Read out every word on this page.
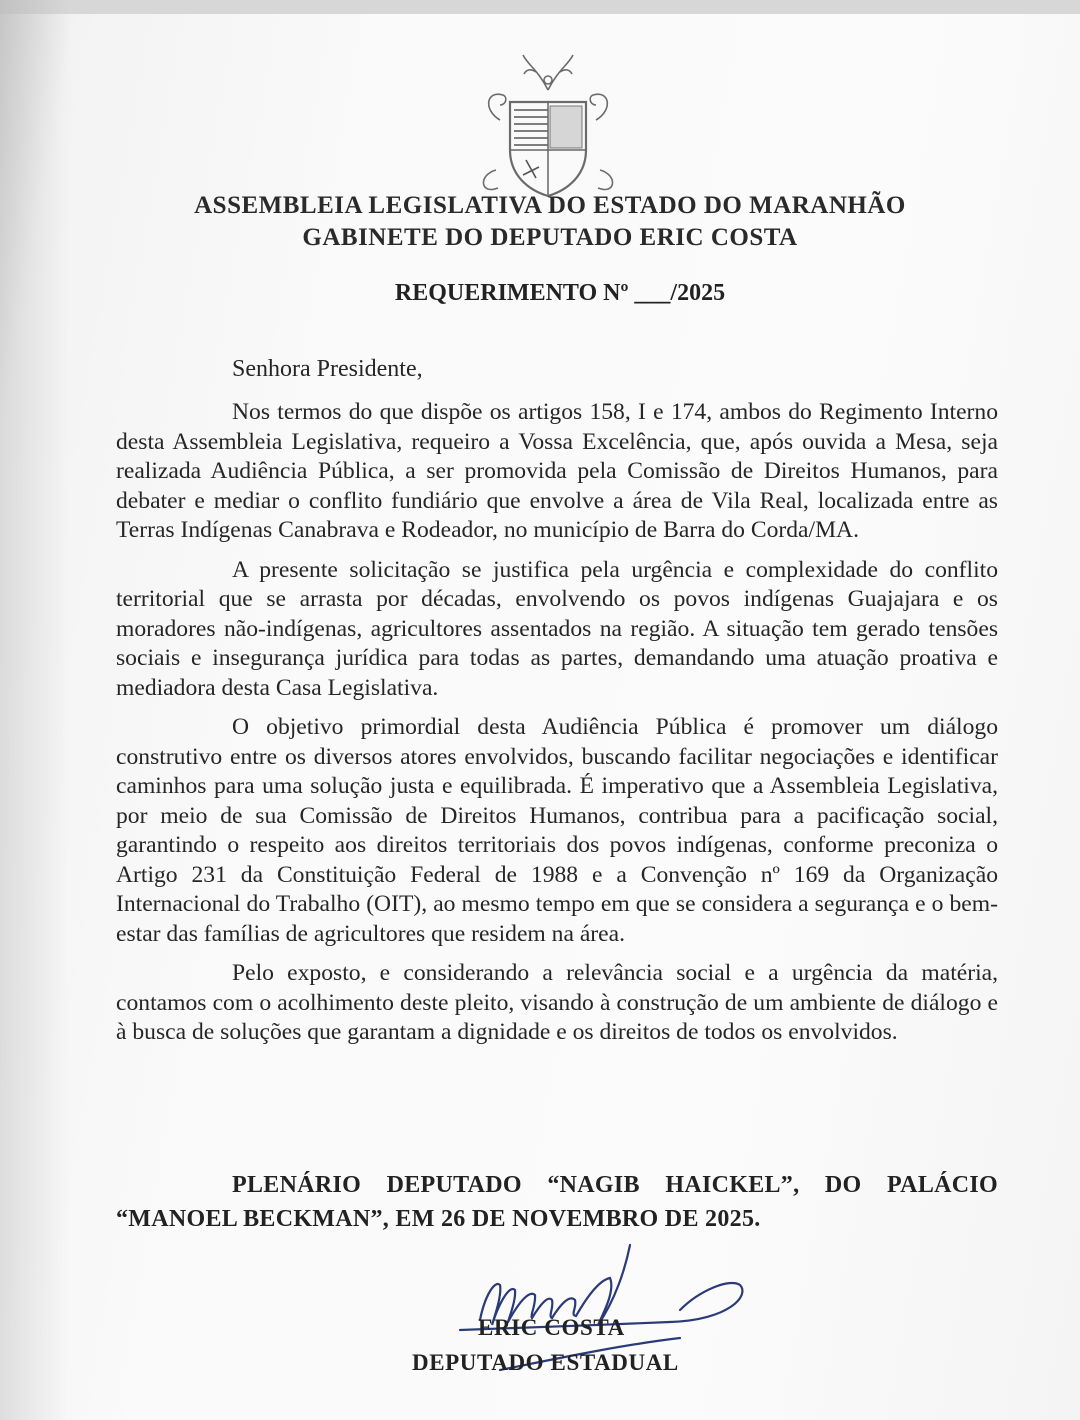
ASSEMBLEIA LEGISLATIVA DO ESTADO DO MARANHÃO
GABINETE DO DEPUTADO ERIC COSTA
REQUERIMENTO Nº ___/2025
Senhora Presidente,

Nos termos do que dispõe os artigos 158, I e 174, ambos do Regimento Interno desta Assembleia Legislativa, requeiro a Vossa Excelência, que, após ouvida a Mesa, seja realizada Audiência Pública, a ser promovida pela Comissão de Direitos Humanos, para debater e mediar o conflito fundiário que envolve a área de Vila Real, localizada entre as Terras Indígenas Canabrava e Rodeador, no município de Barra do Corda/MA.

A presente solicitação se justifica pela urgência e complexidade do conflito territorial que se arrasta por décadas, envolvendo os povos indígenas Guajajara e os moradores não-indígenas, agricultores assentados na região. A situação tem gerado tensões sociais e insegurança jurídica para todas as partes, demandando uma atuação proativa e mediadora desta Casa Legislativa.

O objetivo primordial desta Audiência Pública é promover um diálogo construtivo entre os diversos atores envolvidos, buscando facilitar negociações e identificar caminhos para uma solução justa e equilibrada. É imperativo que a Assembleia Legislativa, por meio de sua Comissão de Direitos Humanos, contribua para a pacificação social, garantindo o respeito aos direitos territoriais dos povos indígenas, conforme preconiza o Artigo 231 da Constituição Federal de 1988 e a Convenção nº 169 da Organização Internacional do Trabalho (OIT), ao mesmo tempo em que se considera a segurança e o bem-estar das famílias de agricultores que residem na área.

Pelo exposto, e considerando a relevância social e a urgência da matéria, contamos com o acolhimento deste pleito, visando à construção de um ambiente de diálogo e à busca de soluções que garantam a dignidade e os direitos de todos os envolvidos.

PLENÁRIO DEPUTADO “NAGIB HAICKEL”, DO PALÁCIO “MANOEL BECKMAN”, EM 26 DE NOVEMBRO DE 2025.
ERIC COSTA
DEPUTADO ESTADUAL
